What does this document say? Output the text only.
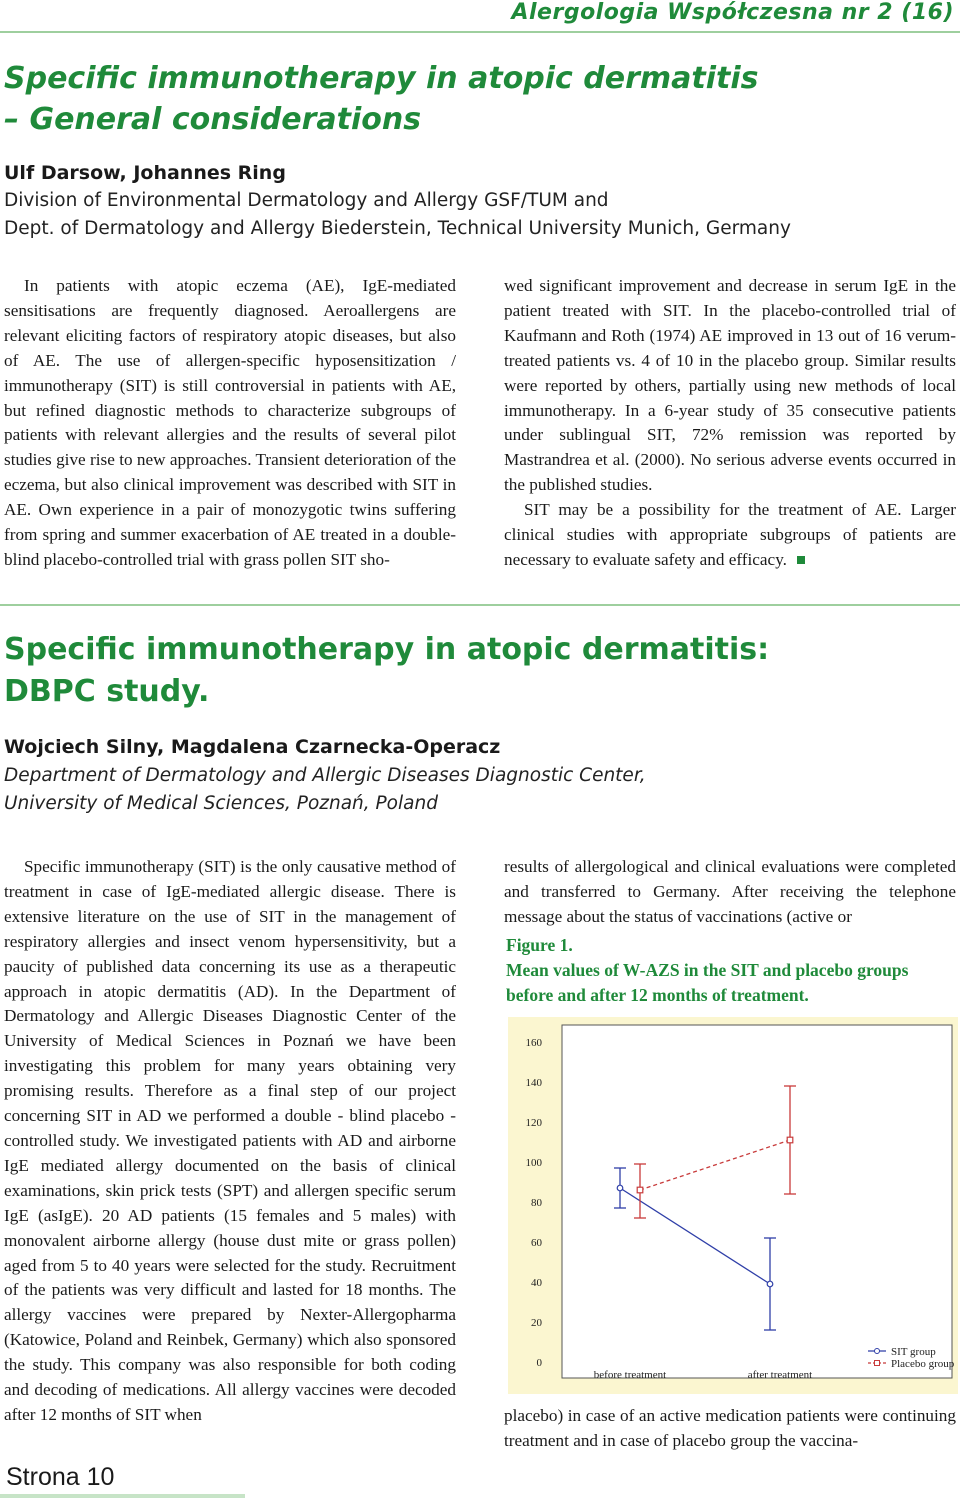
Alergologia Współczesna nr 2 (16)
Specific immunotherapy in atopic dermatitis
– General considerations
Ulf Darsow, Johannes Ring
Division of Environmental Dermatology and Allergy GSF/TUM and
Dept. of Dermatology and Allergy Biederstein, Technical University Munich, Germany

In patients with atopic eczema (AE), IgE-mediated sensitisations are frequently diagnosed. Aeroallergens are relevant eliciting factors of respiratory atopic diseases, but also of AE. The use of allergen-specific hyposensitization / immunotherapy (SIT) is still controversial in patients with AE, but refined diagnostic methods to characterize subgroups of patients with relevant allergies and the results of several pilot studies give rise to new approaches. Transient deterioration of the eczema, but also clinical improvement was described with SIT in AE. Own experience in a pair of monozygotic twins suffering from spring and summer exacerbation of AE treated in a double-blind placebo-controlled trial with grass pollen SIT sho-

wed significant improvement and decrease in serum IgE in the patient treated with SIT. In the placebo-controlled trial of Kaufmann and Roth (1974) AE improved in 13 out of 16 verum-treated patients vs. 4 of 10 in the placebo group. Similar results were reported by others, partially using new methods of local immunotherapy. In a 6-year study of 35 consecutive patients under sublingual SIT, 72% remission was reported by Mastrandrea et al. (2000). No serious adverse events occurred in the published studies.

SIT may be a possibility for the treatment of AE. Larger clinical studies with appropriate subgroups of patients are necessary to evaluate safety and efficacy.

Specific immunotherapy in atopic dermatitis:
DBPC study.
Wojciech Silny, Magdalena Czarnecka-Operacz
Department of Dermatology and Allergic Diseases Diagnostic Center,
University of Medical Sciences, Poznań, Poland

Specific immunotherapy (SIT) is the only causative method of treatment in case of IgE-mediated allergic disease. There is extensive literature on the use of SIT in the management of respiratory allergies and insect venom hypersensitivity, but a paucity of published data concerning its use as a therapeutic approach in atopic dermatitis (AD). In the Department of Dermatology and Allergic Diseases Diagnostic Center of the University of Medical Sciences in Poznań we have been investigating this problem for many years obtaining very promising results. Therefore as a final step of our project concerning SIT in AD we performed a double - blind placebo - controlled study. We investigated patients with AD and airborne IgE mediated allergy documented on the basis of clinical examinations, skin prick tests (SPT) and allergen specific serum IgE (asIgE). 20 AD patients (15 females and 5 males) with monovalent airborne allergy (house dust mite or grass pollen) aged from 5 to 40 years were selected for the study. Recruitment of the patients was very difficult and lasted for 18 months. The allergy vaccines were prepared by Nexter-Allergopharma (Katowice, Poland and Reinbek, Germany) which also sponsored the study. This company was also responsible for both coding and decoding of medications. All allergy vaccines were decoded after 12 months of SIT when

results of allergological and clinical evaluations were completed and transferred to Germany. After receiving the telephone message about the status of vaccinations (active or

Figure 1.
Mean values of W-AZS in the SIT and placebo groups before and after 12 months of treatment.
0
20
40
60
80
100
120
140
160
before treatment	after treatment
SIT group
Placebo group

placebo) in case of an active medication patients were continuing treatment and in case of placebo group the vaccina-

Strona 10
